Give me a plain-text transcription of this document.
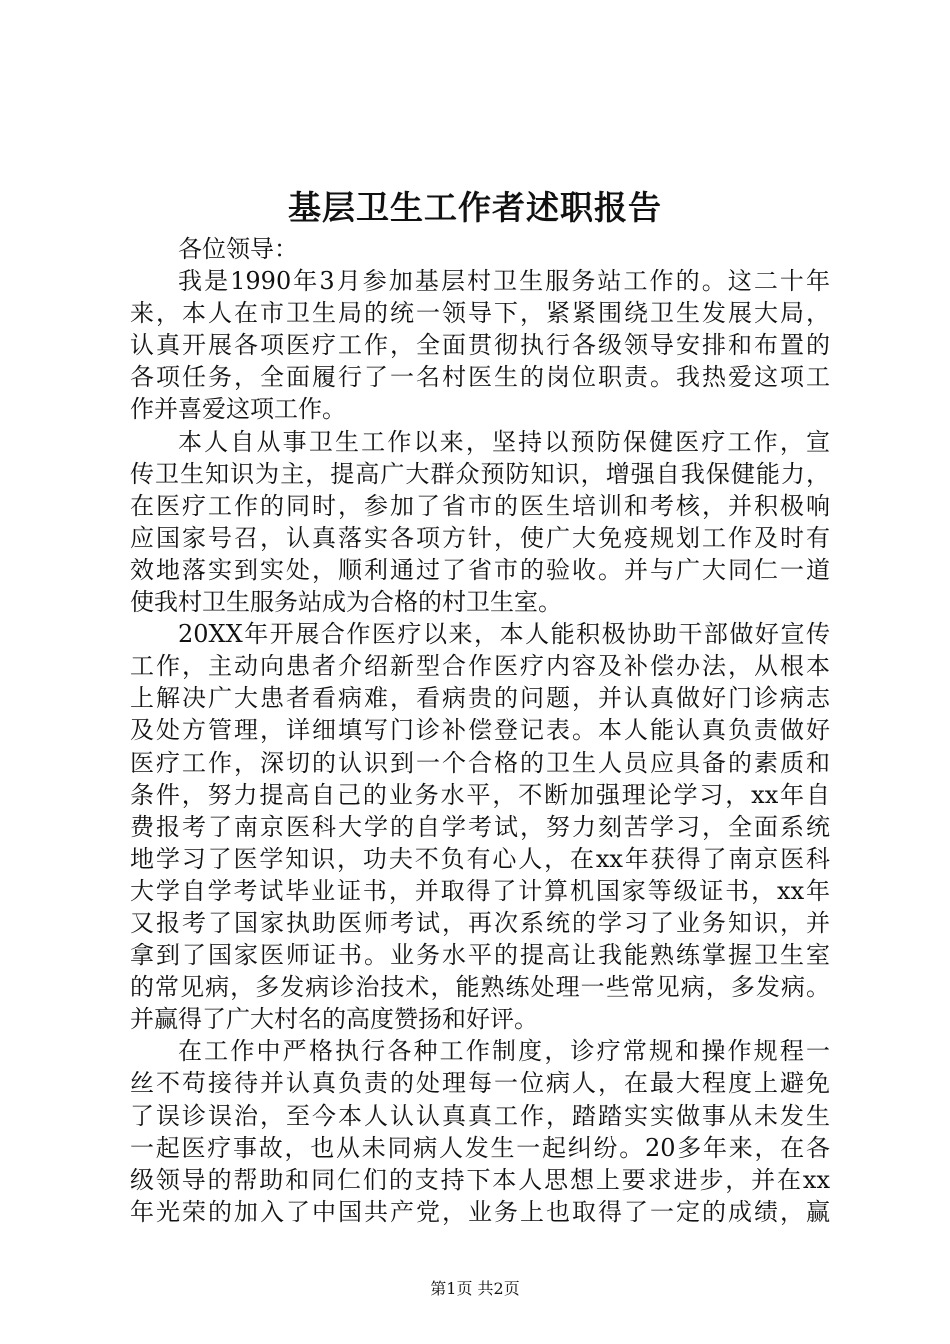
基层卫生工作者述职报告
各位领导：
我是1990年3月参加基层村卫生服务站工作的。这二十年
来，本人在市卫生局的统一领导下，紧紧围绕卫生发展大局，
认真开展各项医疗工作，全面贯彻执行各级领导安排和布置的
各项任务，全面履行了一名村医生的岗位职责。我热爱这项工
作并喜爱这项工作。
本人自从事卫生工作以来，坚持以预防保健医疗工作，宣
传卫生知识为主，提高广大群众预防知识，增强自我保健能力，
在医疗工作的同时，参加了省市的医生培训和考核，并积极响
应国家号召，认真落实各项方针，使广大免疫规划工作及时有
效地落实到实处，顺利通过了省市的验收。并与广大同仁一道
使我村卫生服务站成为合格的村卫生室。
20XX年开展合作医疗以来，本人能积极协助干部做好宣传
工作，主动向患者介绍新型合作医疗内容及补偿办法，从根本
上解决广大患者看病难，看病贵的问题，并认真做好门诊病志
及处方管理，详细填写门诊补偿登记表。本人能认真负责做好
医疗工作，深切的认识到一个合格的卫生人员应具备的素质和
条件，努力提高自己的业务水平，不断加强理论学习，xx年自
费报考了南京医科大学的自学考试，努力刻苦学习，全面系统
地学习了医学知识，功夫不负有心人，在xx年获得了南京医科
大学自学考试毕业证书，并取得了计算机国家等级证书，xx年
又报考了国家执助医师考试，再次系统的学习了业务知识，并
拿到了国家医师证书。业务水平的提高让我能熟练掌握卫生室
的常见病，多发病诊治技术，能熟练处理一些常见病，多发病。
并赢得了广大村名的高度赞扬和好评。
在工作中严格执行各种工作制度，诊疗常规和操作规程一
丝不苟接待并认真负责的处理每一位病人，在最大程度上避免
了误诊误治，至今本人认认真真工作，踏踏实实做事从未发生
一起医疗事故，也从未同病人发生一起纠纷。20多年来，在各
级领导的帮助和同仁们的支持下本人思想上要求进步，并在xx
年光荣的加入了中国共产党，业务上也取得了一定的成绩，赢
第1页 共2页
